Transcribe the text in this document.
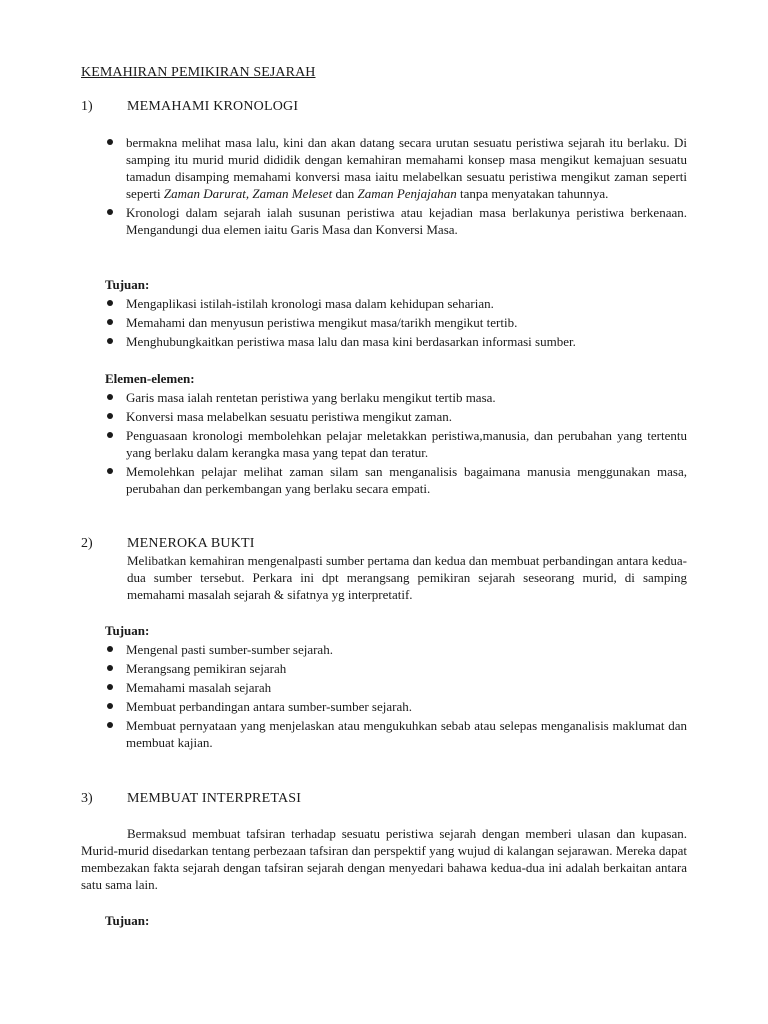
KEMAHIRAN PEMIKIRAN SEJARAH
1) MEMAHAMI KRONOLOGI
bermakna melihat masa lalu, kini dan akan datang secara urutan sesuatu peristiwa sejarah itu berlaku. Di samping itu murid murid dididik dengan kemahiran memahami konsep masa mengikut kemajuan sesuatu tamadun disamping memahami konversi masa iaitu melabelkan sesuatu peristiwa mengikut zaman seperti seperti Zaman Darurat, Zaman Meleset dan Zaman Penjajahan tanpa menyatakan tahunnya.
Kronologi dalam sejarah ialah susunan peristiwa atau kejadian masa berlakunya peristiwa berkenaan. Mengandungi dua elemen iaitu Garis Masa dan Konversi Masa.

Tujuan:

Mengaplikasi istilah-istilah kronologi masa dalam kehidupan seharian.
Memahami dan menyusun peristiwa mengikut masa/tarikh mengikut tertib.
Menghubungkaitkan peristiwa masa lalu dan masa kini berdasarkan informasi sumber.

Elemen-elemen:

Garis masa ialah rentetan peristiwa yang berlaku mengikut tertib masa.
Konversi masa melabelkan sesuatu peristiwa mengikut zaman.
Penguasaan kronologi membolehkan pelajar meletakkan peristiwa,manusia, dan perubahan yang tertentu yang berlaku dalam kerangka masa yang tepat dan teratur.
Memolehkan pelajar melihat zaman silam san menganalisis bagaimana manusia menggunakan masa, perubahan dan perkembangan yang berlaku secara empati.
2) MENEROKA BUKTI
Melibatkan kemahiran mengenalpasti sumber pertama dan kedua dan membuat perbandingan antara kedua-dua sumber tersebut. Perkara ini dpt merangsang pemikiran sejarah seseorang murid, di samping memahami masalah sejarah & sifatnya yg interpretatif.

Tujuan:

Mengenal pasti sumber-sumber sejarah.
Merangsang pemikiran sejarah
Memahami masalah sejarah
Membuat perbandingan antara sumber-sumber sejarah.
Membuat pernyataan yang menjelaskan atau mengukuhkan sebab atau selepas menganalisis maklumat dan membuat kajian.
3) MEMBUAT INTERPRETASI
Bermaksud membuat tafsiran terhadap sesuatu peristiwa sejarah dengan memberi ulasan dan kupasan. Murid-murid disedarkan tentang perbezaan tafsiran dan perspektif yang wujud di kalangan sejarawan. Mereka dapat membezakan fakta sejarah dengan tafsiran sejarah dengan menyedari bahawa kedua-dua ini adalah berkaitan antara satu sama lain.

Tujuan:
